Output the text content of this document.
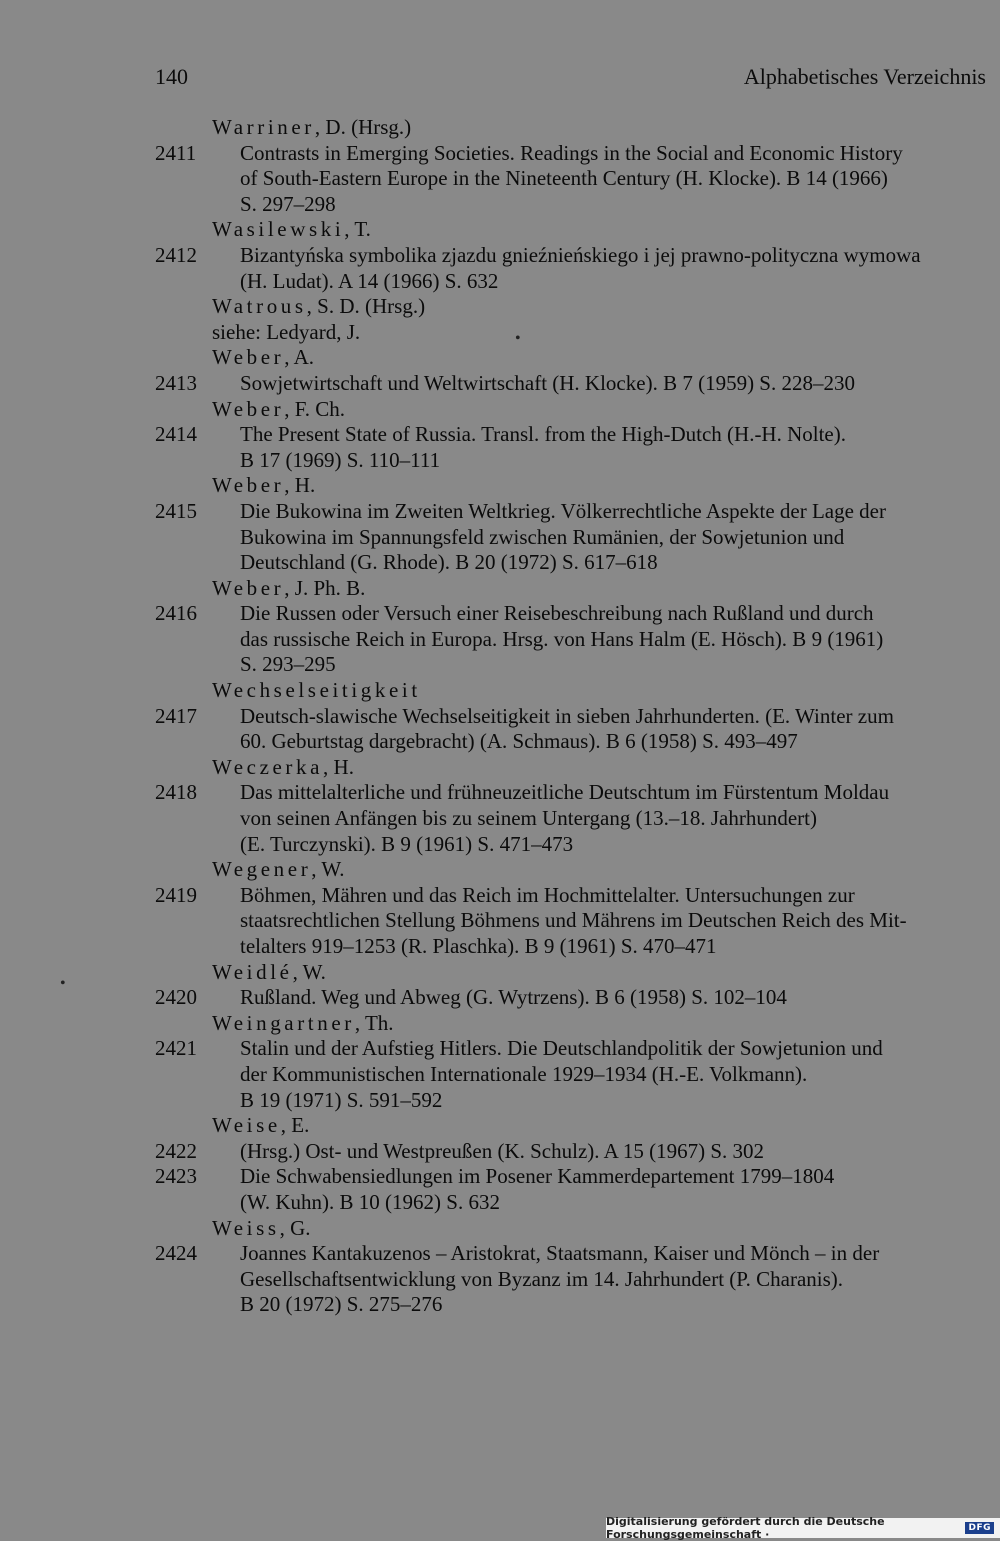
140	Alphabetisches Verzeichnis
Warriner, D. (Hrsg.)
2411 Contrasts in Emerging Societies. Readings in the Social and Economic History
of South-Eastern Europe in the Nineteenth Century (H. Klocke). B 14 (1966)
S. 297–298
Wasilewski, T.
2412 Bizantyńska symbolika zjazdu gnieźnieńskiego i jej prawno-polityczna wymowa
(H. Ludat). A 14 (1966) S. 632
Watrous, S. D. (Hrsg.)
siehe: Ledyard, J.
Weber, A.
2413 Sowjetwirtschaft und Weltwirtschaft (H. Klocke). B 7 (1959) S. 228–230
Weber, F. Ch.
2414 The Present State of Russia. Transl. from the High-Dutch (H.-H. Nolte).
B 17 (1969) S. 110–111
Weber, H.
2415 Die Bukowina im Zweiten Weltkrieg. Völkerrechtliche Aspekte der Lage der
Bukowina im Spannungsfeld zwischen Rumänien, der Sowjetunion und
Deutschland (G. Rhode). B 20 (1972) S. 617–618
Weber, J. Ph. B.
2416 Die Russen oder Versuch einer Reisebeschreibung nach Rußland und durch
das russische Reich in Europa. Hrsg. von Hans Halm (E. Hösch). B 9 (1961)
S. 293–295
Wechselseitigkeit
2417 Deutsch-slawische Wechselseitigkeit in sieben Jahrhunderten. (E. Winter zum
60. Geburtstag dargebracht) (A. Schmaus). B 6 (1958) S. 493–497
Weczerka, H.
2418 Das mittelalterliche und frühneuzeitliche Deutschtum im Fürstentum Moldau
von seinen Anfängen bis zu seinem Untergang (13.–18. Jahrhundert)
(E. Turczynski). B 9 (1961) S. 471–473
Wegener, W.
2419 Böhmen, Mähren und das Reich im Hochmittelalter. Untersuchungen zur
staatsrechtlichen Stellung Böhmens und Mährens im Deutschen Reich des Mit-
telalters 919–1253 (R. Plaschka). B 9 (1961) S. 470–471
Weidlé, W.
2420 Rußland. Weg und Abweg (G. Wytrzens). B 6 (1958) S. 102–104
Weingartner, Th.
2421 Stalin und der Aufstieg Hitlers. Die Deutschlandpolitik der Sowjetunion und
der Kommunistischen Internationale 1929–1934 (H.-E. Volkmann).
B 19 (1971) S. 591–592
Weise, E.
2422 (Hrsg.) Ost- und Westpreußen (K. Schulz). A 15 (1967) S. 302
2423 Die Schwabensiedlungen im Posener Kammerdepartement 1799–1804
(W. Kuhn). B 10 (1962) S. 632
Weiss, G.
2424 Joannes Kantakuzenos – Aristokrat, Staatsmann, Kaiser und Mönch – in der
Gesellschaftsentwicklung von Byzanz im 14. Jahrhundert (P. Charanis).
B 20 (1972) S. 275–276
•
•
Digitalisierung gefördert durch die Deutsche Forschungsgemeinschaft ·	DFG
